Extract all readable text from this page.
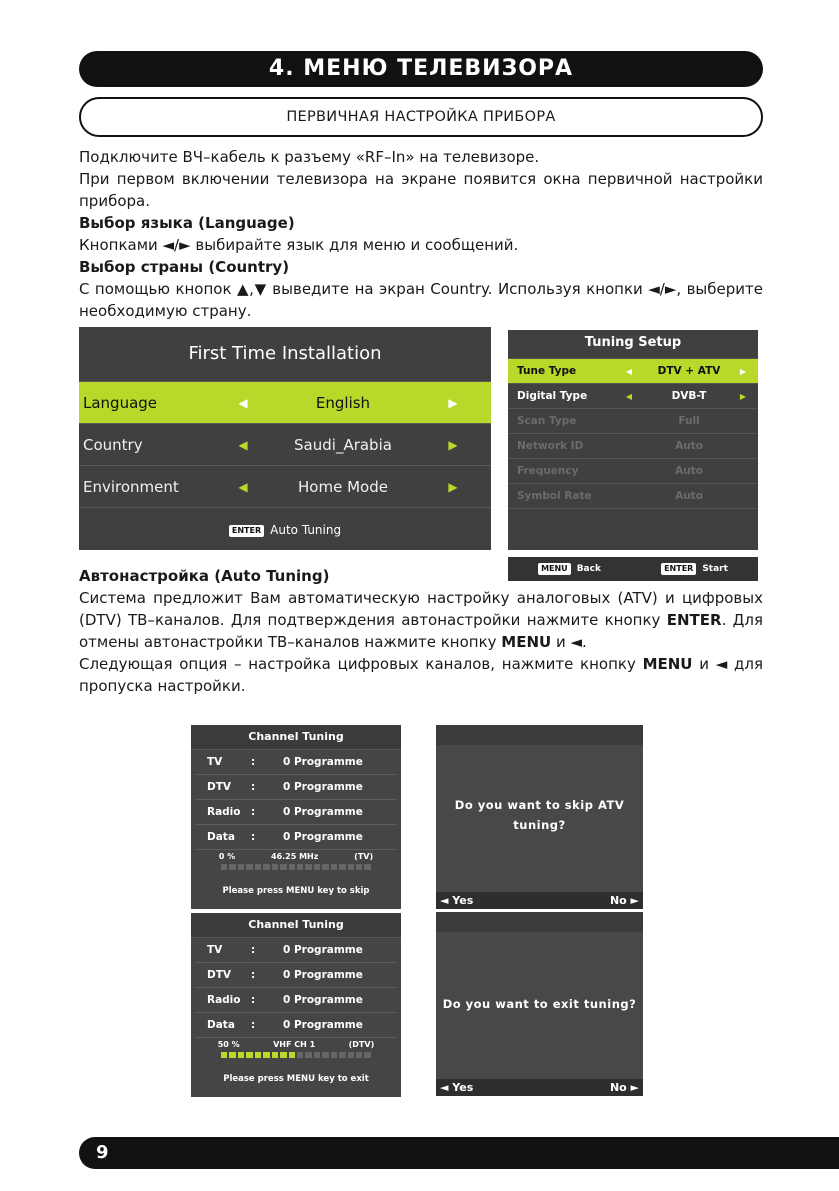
4. МЕНЮ ТЕЛЕВИЗОРА
ПЕРВИЧНАЯ НАСТРОЙКА ПРИБОРА

Подключите ВЧ–кабель к разъему «RF–In» на телевизоре.

При первом включении телевизора на экране появится окна первичной настройки прибора.

Выбор языка (Language)

Кнопками ◄/► выбирайте язык для меню и сообщений.

Выбор страны (Country)

С помощью кнопок ▲,▼ выведите на экран Country. Используя кнопки ◄/►, выберите необходимую страну.

First Time Installation
Language	◀	English	▶
Country	◀	Saudi_Arabia	▶
Environment	◀	Home Mode	▶
ENTER Auto Tuning
Tuning Setup
Tune Type	◀	DTV + ATV	▶
Digital Type	◀	DVB-T	▶
Scan Type	Full
Network ID	Auto
Frequency	Auto
Symbol Rate	Auto
MENU Back	ENTER Start
Автонастройка (Auto Tuning)

Система предложит Вам автоматическую настройку аналоговых (ATV) и цифровых (DTV) ТВ–каналов. Для подтверждения автонастройки нажмите кнопку ENTER. Для отмены автонастройки ТВ–каналов нажмите кнопку MENU и ◄.

Следующая опция – настройка цифровых каналов, нажмите кнопку MENU и ◄ для пропуска настройки.

Channel Tuning
TV	:	0 Programme
DTV	:	0 Programme
Radio	:	0 Programme
Data	:	0 Programme
0 %	46.25 MHz	(TV)
Please press MENU key to skip
Do you want to skip ATV
tuning?
◄ Yes	No ►
Channel Tuning
TV	:	0 Programme
DTV	:	0 Programme
Radio	:	0 Programme
Data	:	0 Programme
50 %	VHF CH 1	(DTV)
Please press MENU key to exit
Do you want to exit tuning?
◄ Yes	No ►
9
